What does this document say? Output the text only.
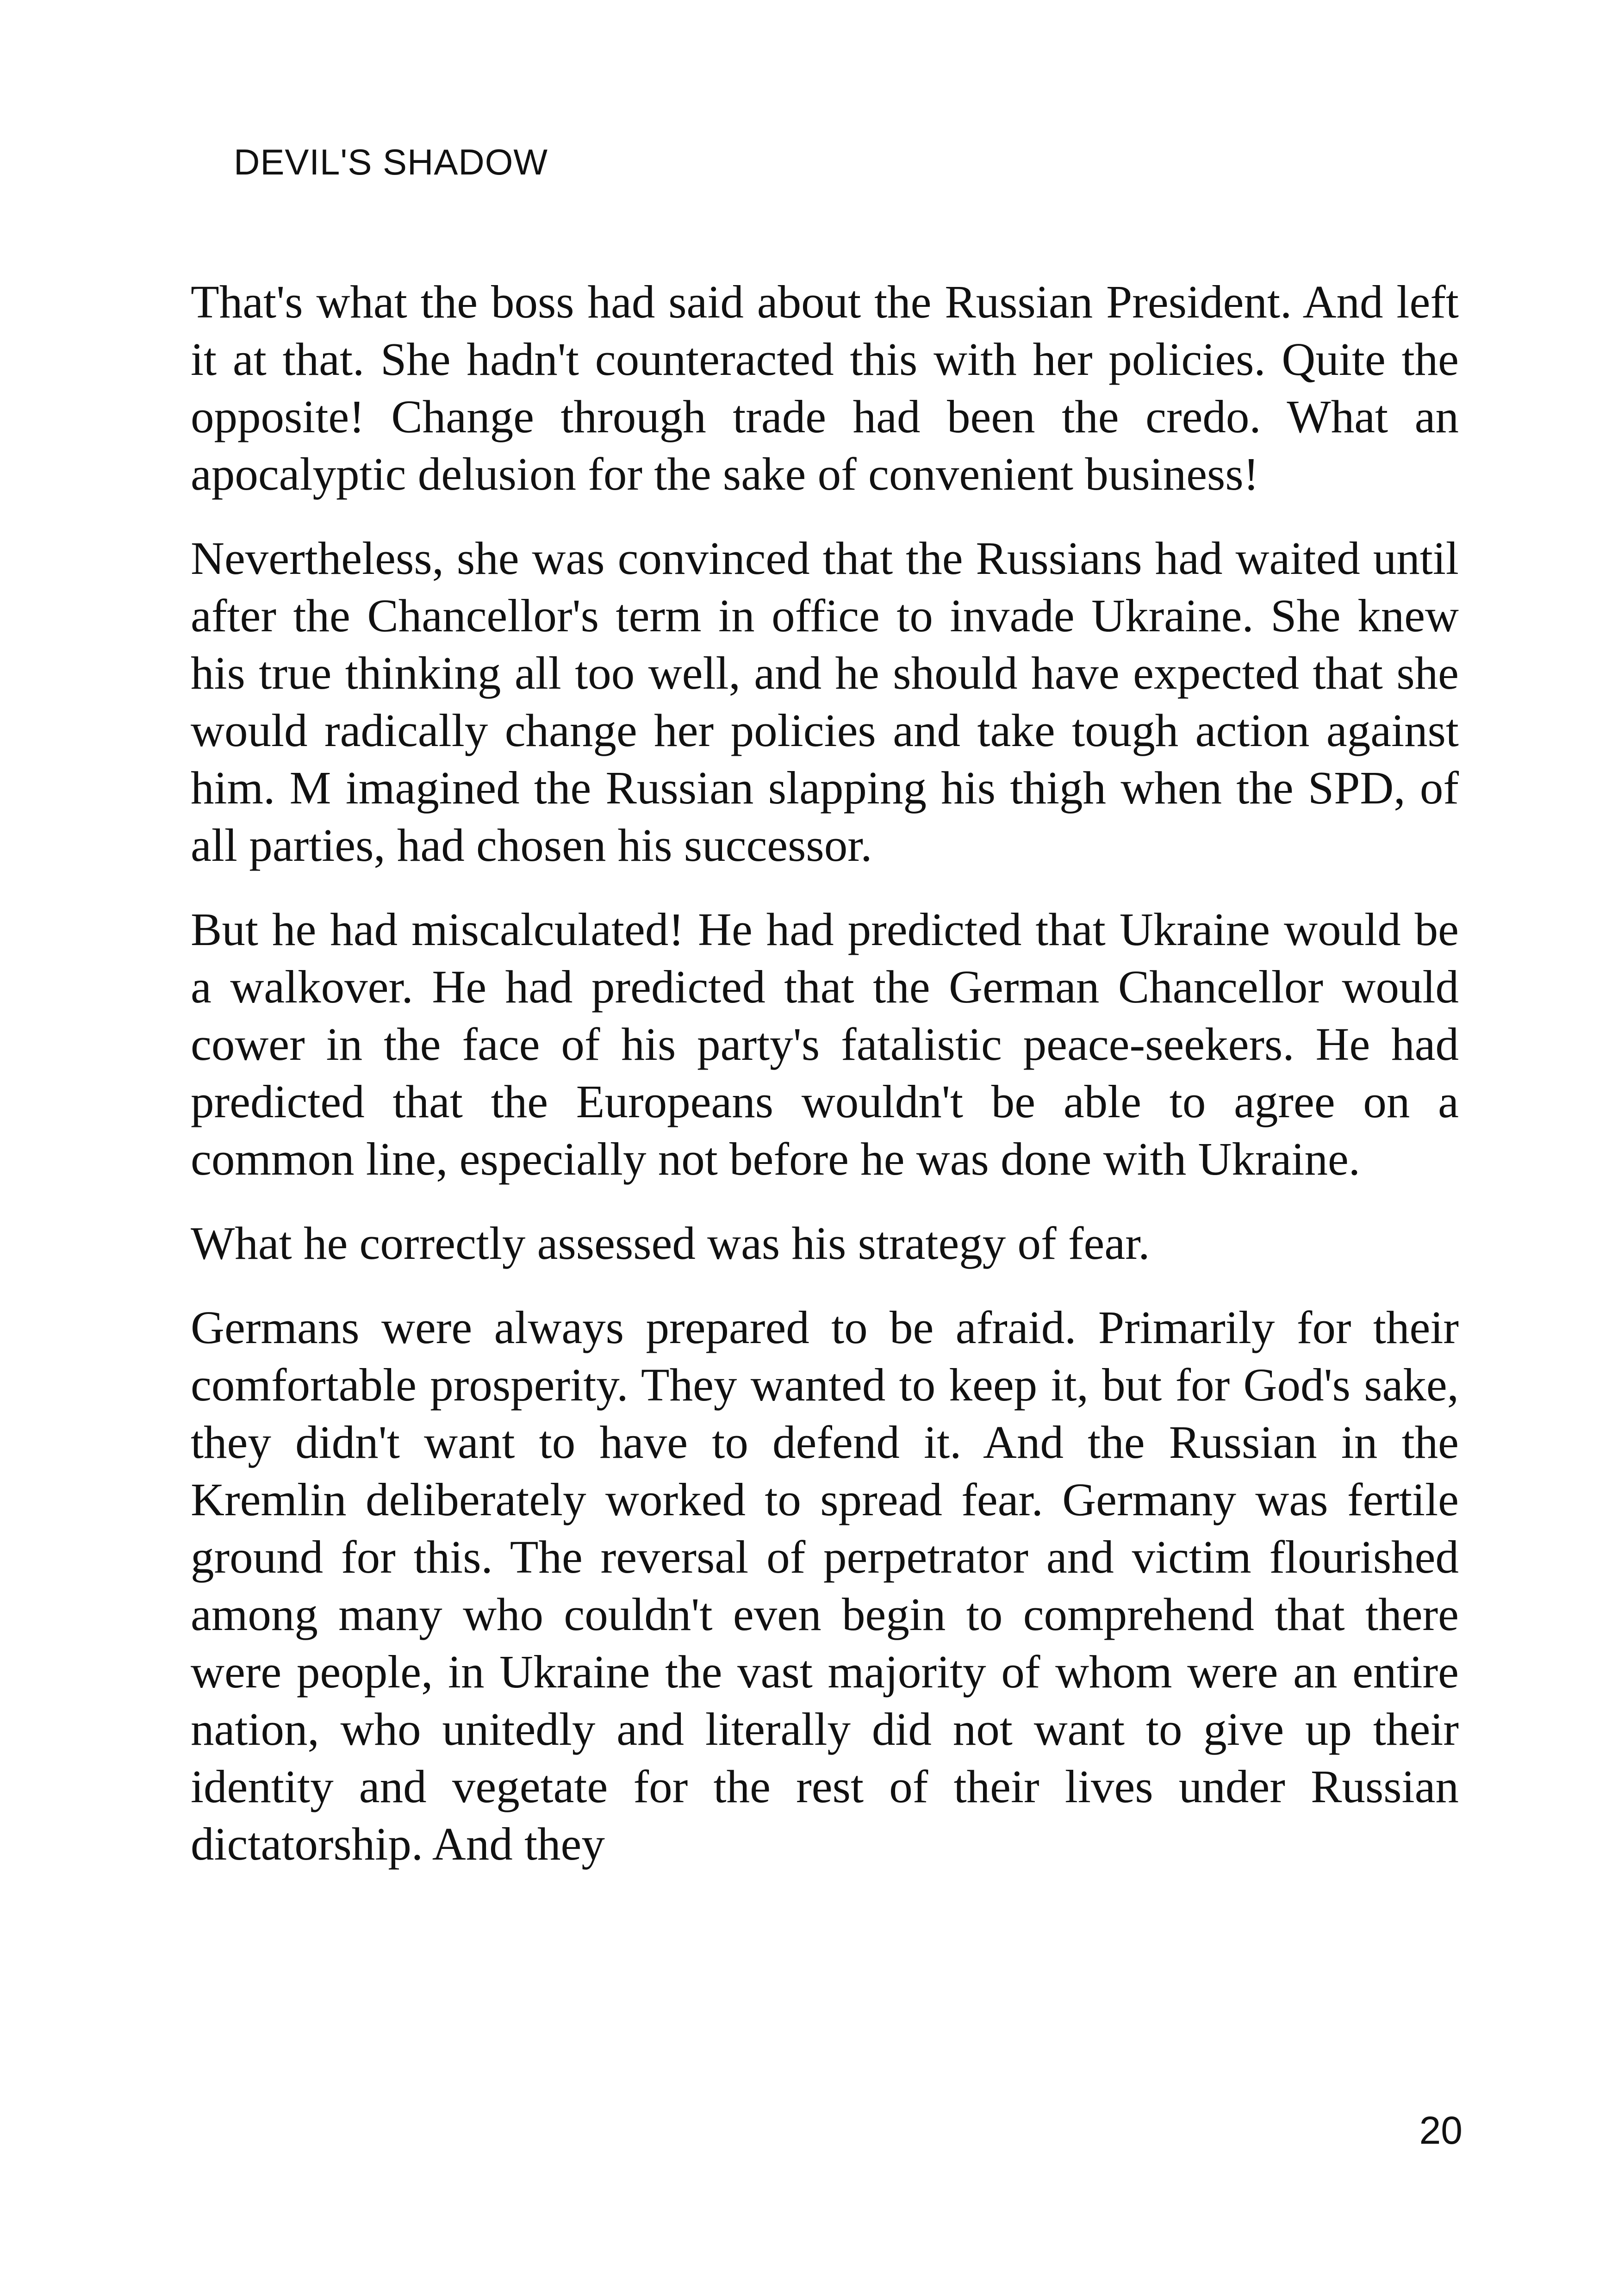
DEVIL'S SHADOW

That's what the boss had said about the Russian President. And left it at that. She hadn't counteracted this with her policies. Quite the opposite! Change through trade had been the credo. What an apocalyptic delusion for the sake of convenient business!

Nevertheless, she was convinced that the Russians had waited until after the Chancellor's term in office to invade Ukraine. She knew his true thinking all too well, and he should have expected that she would radically change her policies and take tough action against him. M imagined the Russian slapping his thigh when the SPD, of all parties, had chosen his successor.

But he had miscalculated! He had predicted that Ukraine would be a walkover. He had predicted that the German Chancellor would cower in the face of his party's fatalistic peace-seekers. He had predicted that the Europeans wouldn't be able to agree on a common line, especially not before he was done with Ukraine.

What he correctly assessed was his strategy of fear.

Germans were always prepared to be afraid. Primarily for their comfortable prosperity. They wanted to keep it, but for God's sake, they didn't want to have to defend it. And the Russian in the Kremlin deliberately worked to spread fear. Germany was fertile ground for this. The reversal of perpetrator and victim flourished among many who couldn't even begin to comprehend that there were people, in Ukraine the vast majority of whom were an entire nation, who unitedly and literally did not want to give up their identity and vegetate for the rest of their lives under Russian dictatorship. And they

20
